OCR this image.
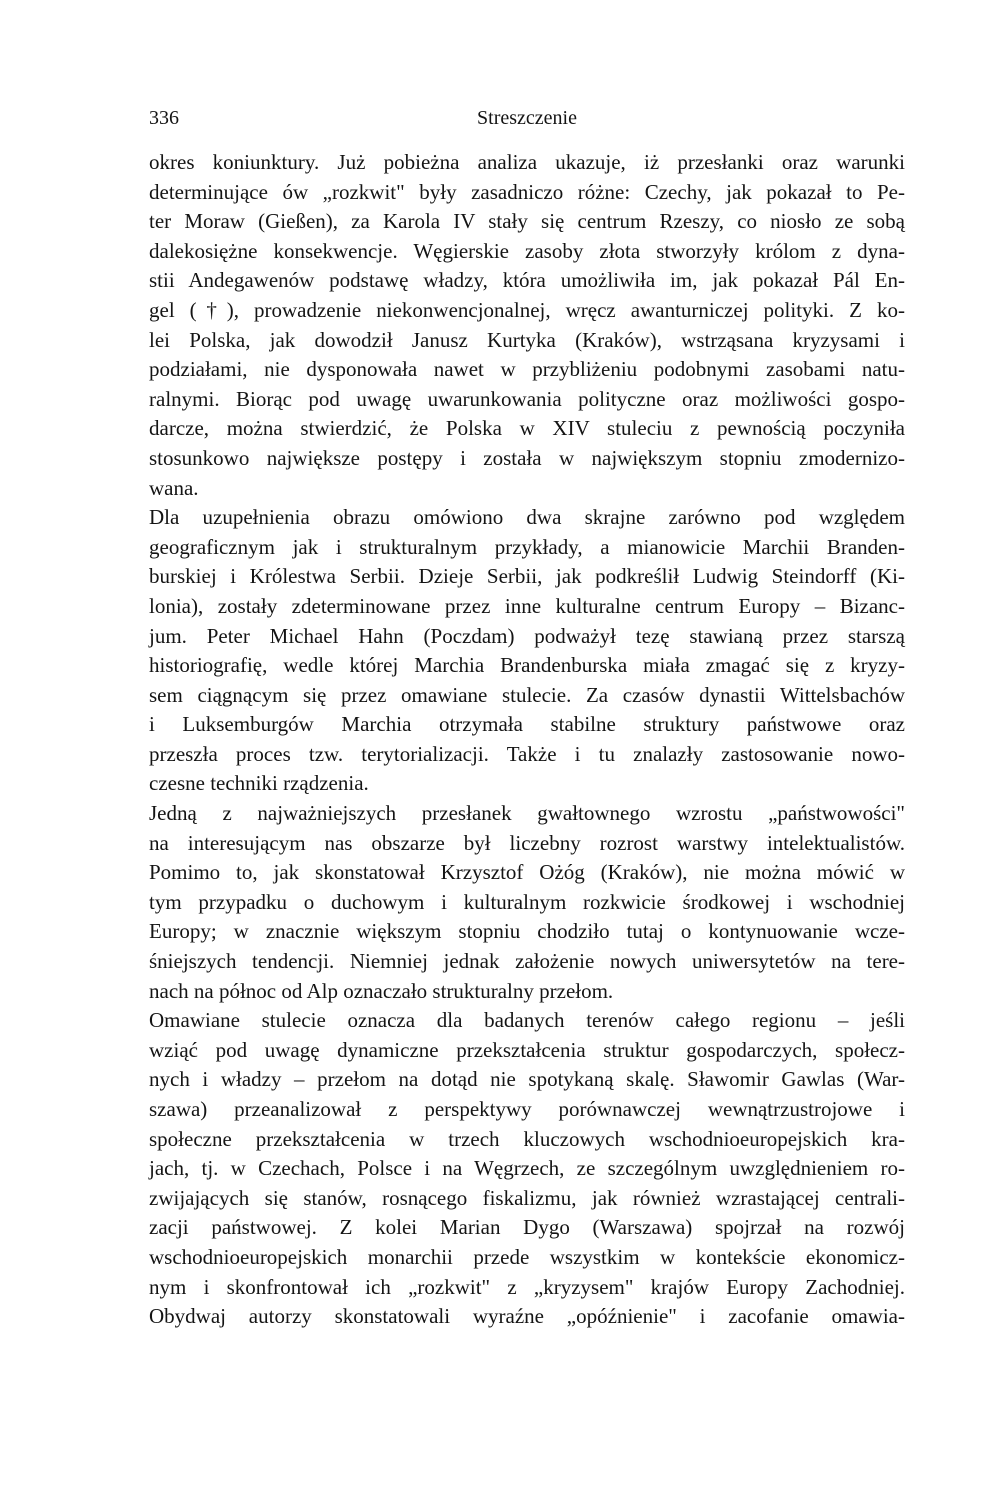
336	Streszczenie

okres koniunktury. Już pobieżna analiza ukazuje, iż przesłanki oraz warunki
determinujące ów „rozkwit" były zasadniczo różne: Czechy, jak pokazał to Pe-
ter Moraw (Gießen), za Karola IV stały się centrum Rzeszy, co niosło ze sobą
dalekosiężne konsekwencje. Węgierskie zasoby złota stworzyły królom z dyna-
stii Andegawenów podstawę władzy, która umożliwiła im, jak pokazał Pál En-
gel (†), prowadzenie niekonwencjonalnej, wręcz awanturniczej polityki. Z ko-
lei Polska, jak dowodził Janusz Kurtyka (Kraków), wstrząsana kryzysami i
podziałami, nie dysponowała nawet w przybliżeniu podobnymi zasobami natu-
ralnymi. Biorąc pod uwagę uwarunkowania polityczne oraz możliwości gospo-
darcze, można stwierdzić, że Polska w XIV stuleciu z pewnością poczyniła
stosunkowo największe postępy i została w największym stopniu zmodernizo-
wana.

Dla uzupełnienia obrazu omówiono dwa skrajne zarówno pod względem
geograficznym jak i strukturalnym przykłady, a mianowicie Marchii Branden-
burskiej i Królestwa Serbii. Dzieje Serbii, jak podkreślił Ludwig Steindorff (Ki-
lonia), zostały zdeterminowane przez inne kulturalne centrum Europy – Bizanc-
jum. Peter Michael Hahn (Poczdam) podważył tezę stawianą przez starszą
historiografię, wedle której Marchia Brandenburska miała zmagać się z kryzy-
sem ciągnącym się przez omawiane stulecie. Za czasów dynastii Wittelsbachów
i Luksemburgów Marchia otrzymała stabilne struktury państwowe oraz
przeszła proces tzw. terytorializacji. Także i tu znalazły zastosowanie nowo-
czesne techniki rządzenia.

Jedną z najważniejszych przesłanek gwałtownego wzrostu „państwowości"
na interesującym nas obszarze był liczebny rozrost warstwy intelektualistów.
Pomimo to, jak skonstatował Krzysztof Ożóg (Kraków), nie można mówić w
tym przypadku o duchowym i kulturalnym rozkwicie środkowej i wschodniej
Europy; w znacznie większym stopniu chodziło tutaj o kontynuowanie wcze-
śniejszych tendencji. Niemniej jednak założenie nowych uniwersytetów na tere-
nach na północ od Alp oznaczało strukturalny przełom.

Omawiane stulecie oznacza dla badanych terenów całego regionu – jeśli
wziąć pod uwagę dynamiczne przekształcenia struktur gospodarczych, społecz-
nych i władzy – przełom na dotąd nie spotykaną skalę. Sławomir Gawlas (War-
szawa) przeanalizował z perspektywy porównawczej wewnątrzustrojowe i
społeczne przekształcenia w trzech kluczowych wschodnioeuropejskich kra-
jach, tj. w Czechach, Polsce i na Węgrzech, ze szczególnym uwzględnieniem ro-
zwijających się stanów, rosnącego fiskalizmu, jak również wzrastającej centrali-
zacji państwowej. Z kolei Marian Dygo (Warszawa) spojrzał na rozwój
wschodnioeuropejskich monarchii przede wszystkim w kontekście ekonomicz-
nym i skonfrontował ich „rozkwit" z „kryzysem" krajów Europy Zachodniej.
Obydwaj autorzy skonstatowali wyraźne „opóźnienie" i zacofanie omawia-
